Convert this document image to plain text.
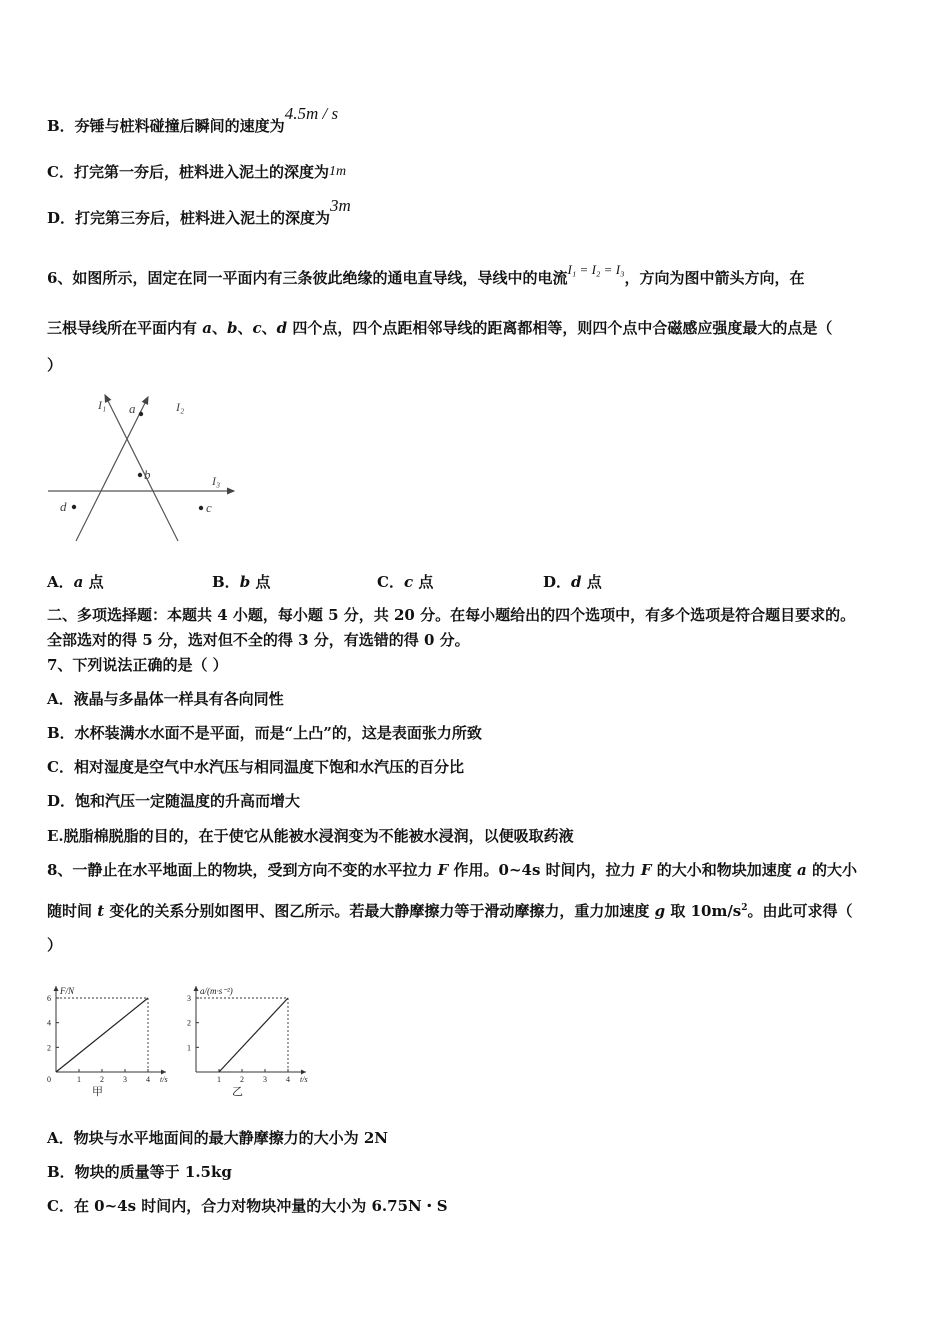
B．夯锤与桩料碰撞后瞬间的速度为4.5m / s
C．打完第一夯后，桩料进入泥土的深度为1m
D．打完第三夯后，桩料进入泥土的深度为3m
6、如图所示，固定在同一平面内有三条彼此绝缘的通电直导线，导线中的电流I₁ = I₂ = I₃，方向为图中箭头方向，在
三根导线所在平面内有 a、b、c、d 四个点，四个点距相邻导线的距离都相等，则四个点中合磁感应强度最大的点是（
）
I₁	I₂
I₃
a
b
c
d
A．a 点	B．b 点	C．c 点	D．d 点
二、多项选择题：本题共 4 小题，每小题 5 分，共 20 分。在每小题给出的四个选项中，有多个选项是符合题目要求的。
全部选对的得 5 分，选对但不全的得 3 分，有选错的得 0 分。
7、下列说法正确的是（ ）
A．液晶与多晶体一样具有各向同性
B．水杯装满水水面不是平面，而是“上凸”的，这是表面张力所致
C．相对湿度是空气中水汽压与相同温度下饱和水汽压的百分比
D．饱和汽压一定随温度的升高而增大
E.脱脂棉脱脂的目的，在于使它从能被水浸润变为不能被水浸润，以便吸取药液
8、一静止在水平地面上的物块，受到方向不变的水平拉力 F 作用。0~4s 时间内，拉力 F 的大小和物块加速度 a 的大小
随时间 t 变化的关系分别如图甲、图乙所示。若最大静摩擦力等于滑动摩擦力，重力加速度 g 取 $10m/s^2$。由此可求得（
）
2
4
6
0	1 2 3 4
F/N
t/s
甲
1
2
3
1 2 3 4
a/(m·s⁻²)
t/s
乙
A．物块与水平地面间的最大静摩擦力的大小为 2N
B．物块的质量等于 1.5kg
C．在 0~4s 时间内，合力对物块冲量的大小为 6.75N・S
